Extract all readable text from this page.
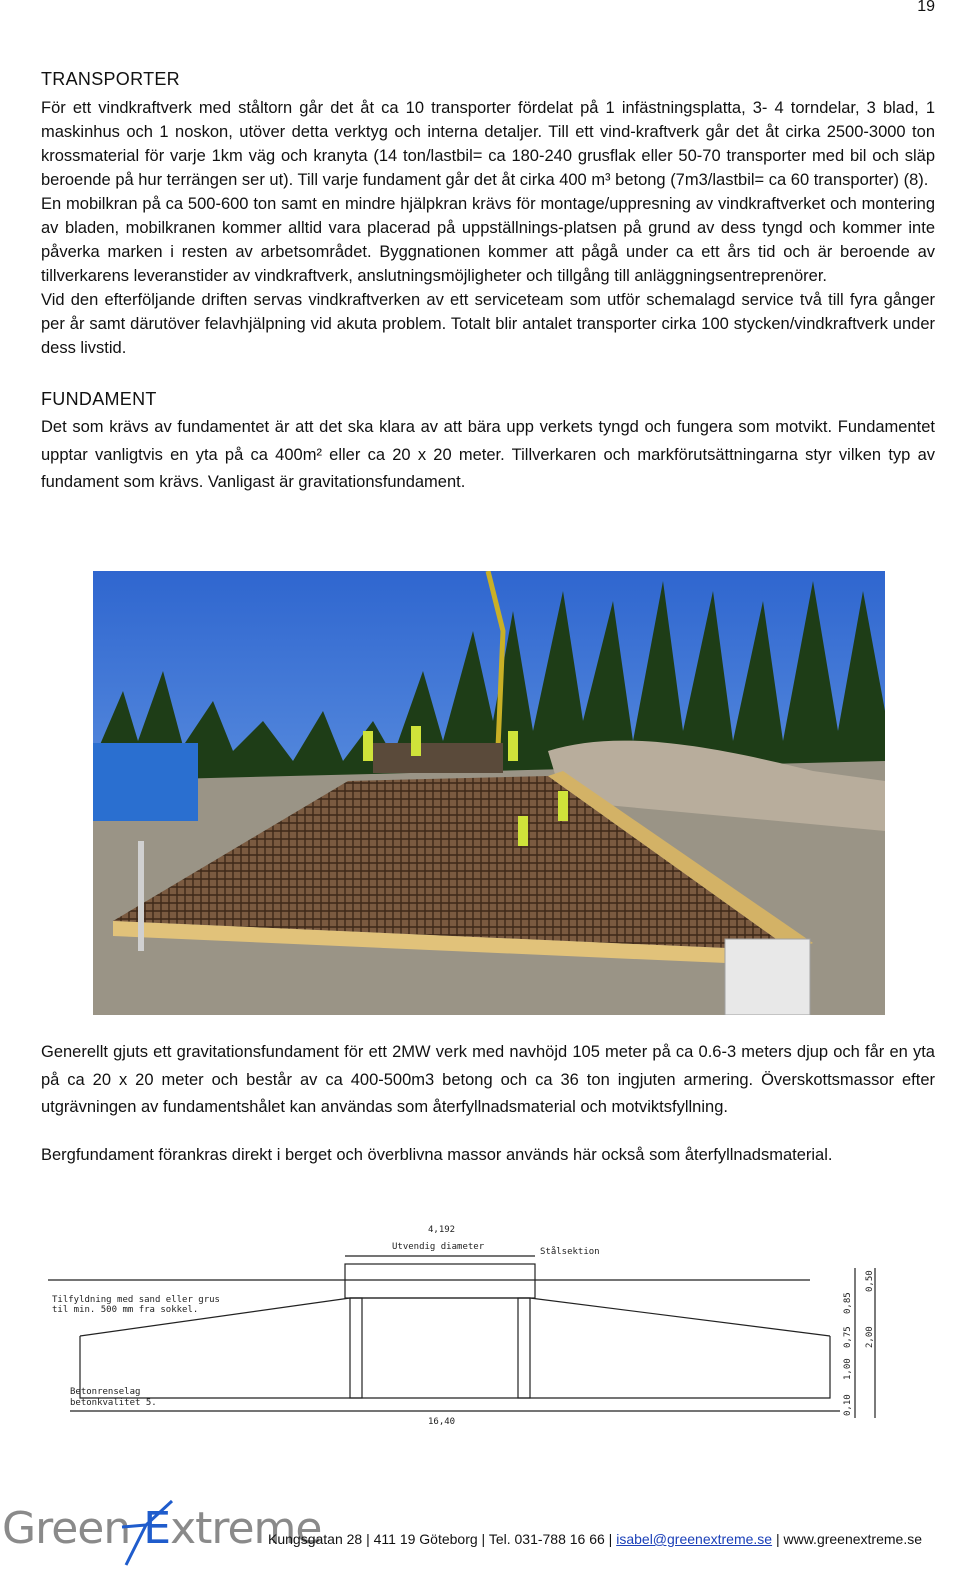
19
TRANSPORTER

För ett vindkraftverk med ståltorn går det åt ca 10 transporter fördelat på 1 infästningsplatta, 3- 4 torndelar, 3 blad, 1 maskinhus och 1 noskon, utöver detta verktyg och interna detaljer. Till ett vind-kraftverk går det åt cirka 2500-3000 ton krossmaterial för varje 1km väg och kranyta (14 ton/lastbil= ca 180-240 grusflak eller 50-70 transporter med bil och släp beroende på hur terrängen ser ut). Till varje fundament går det åt cirka 400 m³ betong (7m3/lastbil= ca 60 transporter) (8).

En mobilkran på ca 500-600 ton samt en mindre hjälpkran krävs för montage/uppresning av vindkraftverket och montering av bladen, mobilkranen kommer alltid vara placerad på uppställnings-platsen på grund av dess tyngd och kommer inte påverka marken i resten av arbetsområdet. Byggnationen kommer att pågå under ca ett års tid och är beroende av tillverkarens leveranstider av vindkraftverk, anslutningsmöjligheter och tillgång till anläggningsentreprenörer.

Vid den efterföljande driften servas vindkraftverken av ett serviceteam som utför schemalagd service två till fyra gånger per år samt därutöver felavhjälpning vid akuta problem. Totalt blir antalet transporter cirka 100 stycken/vindkraftverk under dess livstid.

FUNDAMENT

Det som krävs av fundamentet är att det ska klara av att bära upp verkets tyngd och fungera som motvikt. Fundamentet upptar vanligtvis en yta på ca 400m² eller ca 20 x 20 meter. Tillverkaren och markförutsättningarna styr vilken typ av fundament som krävs. Vanligast är gravitationsfundament.

Generellt gjuts ett gravitationsfundament för ett 2MW verk med navhöjd 105 meter på ca 0.6-3 meters djup och får en yta på ca 20 x 20 meter och består av ca 400-500m3 betong och ca 36 ton ingjuten armering. Överskottsmassor efter utgrävningen av fundamentshålet kan användas som återfyllnadsmaterial och motviktsfyllning.

Bergfundament förankras direkt i berget och överblivna massor används här också som återfyllnadsmaterial.

4,192
Utvendig diameter	Stålsektion
Tilfyldning med sand eller grus
til min. 500 mm fra sokkel.
Betonrenselag
betonkvalitet 5.
16,40
0,85
0,50
0,75 2,00
1,00
0,10
Green Extreme
Kungsgatan 28 | 411 19 Göteborg | Tel. 031-788 16 66 | isabel@greenextreme.se | www.greenextreme.se
